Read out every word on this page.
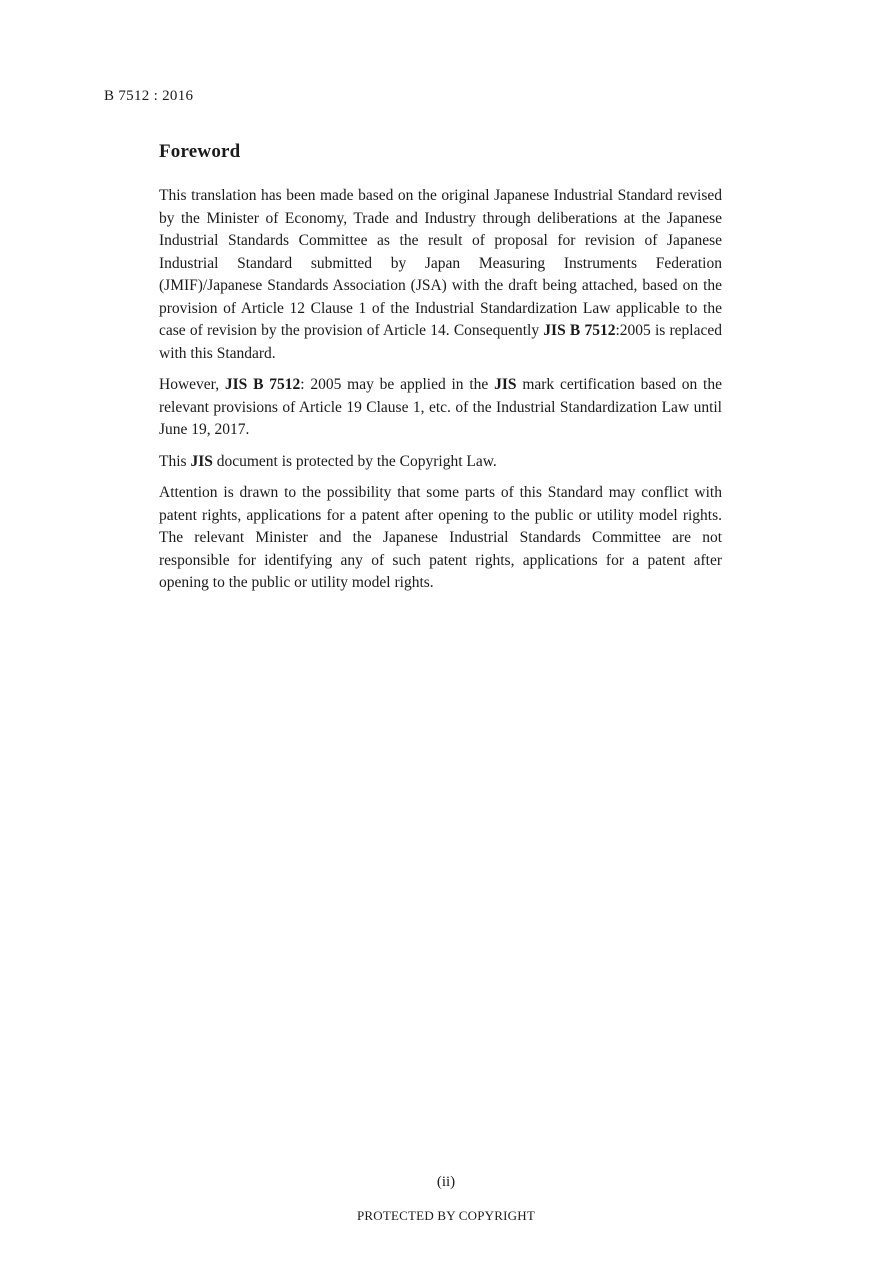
B 7512 : 2016
Foreword

This translation has been made based on the original Japanese Industrial Standard revised by the Minister of Economy, Trade and Industry through deliberations at the Japanese Industrial Standards Committee as the result of proposal for revision of Japanese Industrial Standard submitted by Japan Measuring Instruments Federation (JMIF)/Japanese Standards Association (JSA) with the draft being attached, based on the provision of Article 12 Clause 1 of the Industrial Standardization Law applicable to the case of revision by the provision of Article 14. Consequently JIS B 7512:2005 is replaced with this Standard.

However, JIS B 7512: 2005 may be applied in the JIS mark certification based on the relevant provisions of Article 19 Clause 1, etc. of the Industrial Standardization Law until June 19, 2017.

This JIS document is protected by the Copyright Law.

Attention is drawn to the possibility that some parts of this Standard may conflict with patent rights, applications for a patent after opening to the public or utility model rights. The relevant Minister and the Japanese Industrial Standards Committee are not responsible for identifying any of such patent rights, applications for a patent after opening to the public or utility model rights.

(ii)
PROTECTED BY COPYRIGHT
